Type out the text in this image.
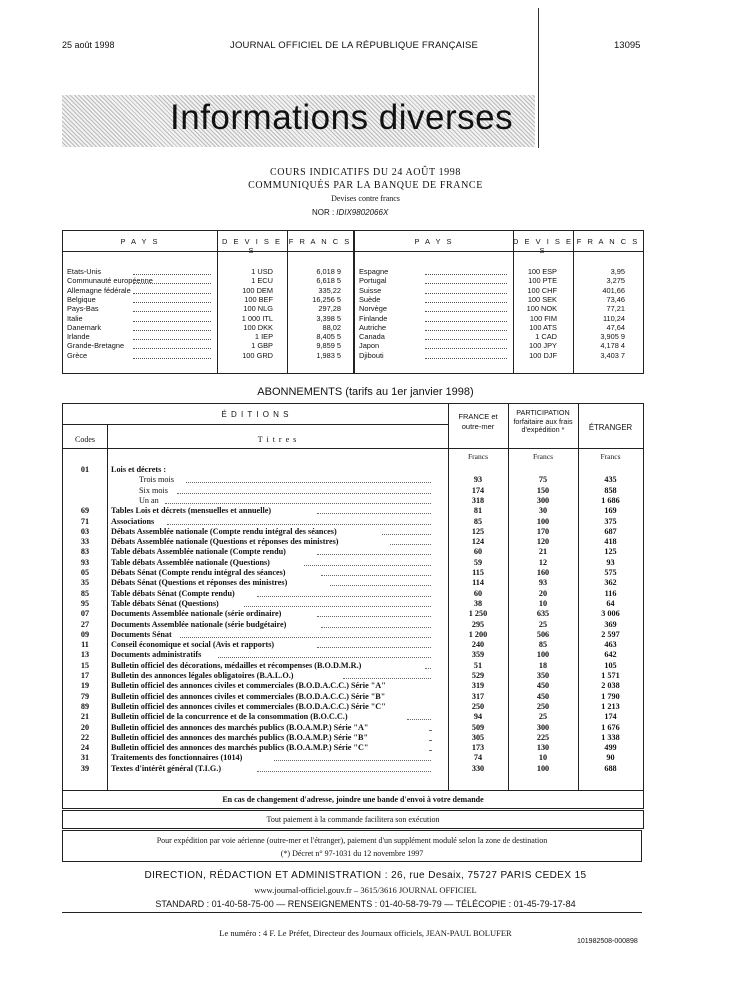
25 août 1998	JOURNAL OFFICIEL DE LA RÉPUBLIQUE FRANÇAISE	13095
Informations diverses
COURS INDICATIFS DU 24 AOÛT 1998
COMMUNIQUÉS PAR LA BANQUE DE FRANCE
Devises contre francs
NOR : IDIX9802066X
P A Y S	D E V I S E S
F R A N C S	P A Y S	D E V I S E S
F R A N C S
Etats-Unis	1 USD	6,018 9
Communauté européenne	1 ECU	6,618 5
Allemagne fédérale	100 DEM	335,22
Belgique	100 BEF	16,256 5
Pays-Bas	100 NLG	297,28
Italie	1 000 ITL	3,398 5
Danemark	100 DKK	88,02
Irlande	1 IEP	8,405 5
Grande-Bretagne	1 GBP	9,859 5
Grèce	100 GRD	1,983 5
Espagne	100 ESP	3,95
Portugal	100 PTE	3,275
Suisse	100 CHF	401,66
Suède	100 SEK	73,46
Norvège	100 NOK	77,21
Finlande	100 FIM	110,24
Autriche	100 ATS	47,64
Canada	1 CAD	3,905 9
Japon	100 JPY	4,178 4
Djibouti	100 DJF	3,403 7
ABONNEMENTS (tarifs au 1er janvier 1998)
É D I T I O N S
Codes	T i t r e s
FRANCE et outre-mer
PARTICIPATION forfaitaire aux frais d'expédition *	ÉTRANGER
Francs	Francs	Francs
01	Lois et décrets :
Trois mois	93	75	435
Six mois	174	150	858
Un an	318	300	1 686
69	Tables Lois et décrets (mensuelles et annuelle)	81	30	169
71	Associations	85	100	375
03	Débats Assemblée nationale (Compte rendu intégral des séances)	125	170	687
33	Débats Assemblée nationale (Questions et réponses des ministres)	124	120	418
83	Table débats Assemblée nationale (Compte rendu)	60	21	125
93	Table débats Assemblée nationale (Questions)	59	12	93
05	Débats Sénat (Compte rendu intégral des séances)	115	160	575
35	Débats Sénat (Questions et réponses des ministres)	114	93	362
85	Table débats Sénat (Compte rendu)	60	20	116
95	Table débats Sénat (Questions)	38	10	64
07	Documents Assemblée nationale (série ordinaire)	1 250	635	3 006
27	Documents Assemblée nationale (série budgétaire)	295	25	369
09	Documents Sénat	1 200	506	2 597
11	Conseil économique et social (Avis et rapports)	240	85	463
13	Documents administratifs	359	100	642
15	Bulletin officiel des décorations, médailles et récompenses (B.O.D.M.R.)	51	18	105
17	Bulletin des annonces légales obligatoires (B.A.L.O.)	529	350	1 571
19	Bulletin officiel des annonces civiles et commerciales (B.O.D.A.C.C.) Série "A"	319	450	2 038
79	Bulletin officiel des annonces civiles et commerciales (B.O.D.A.C.C.) Série "B"	317	450	1 790
89	Bulletin officiel des annonces civiles et commerciales (B.O.D.A.C.C.) Série "C"	250	250	1 213
21	Bulletin officiel de la concurrence et de la consommation (B.O.C.C.)	94	25	174
20	Bulletin officiel des annonces des marchés publics (B.O.A.M.P.) Série "A"	509	300	1 676
22	Bulletin officiel des annonces des marchés publics (B.O.A.M.P.) Série "B"	305	225	1 338
24	Bulletin officiel des annonces des marchés publics (B.O.A.M.P.) Série "C"	173	130	499
31	Traitements des fonctionnaires (1014)	74	10	90
39	Textes d'intérêt général (T.I.G.)	330	100	688
En cas de changement d'adresse, joindre une bande d'envoi à votre demande
Tout paiement à la commande facilitera son exécution
Pour expédition par voie aérienne (outre-mer et l'étranger), paiement d'un supplément modulé selon la zone de destination
(*) Décret n° 97-1031 du 12 novembre 1997
DIRECTION, RÉDACTION ET ADMINISTRATION : 26, rue Desaix, 75727 PARIS CEDEX 15
www.journal-officiel.gouv.fr – 3615/3616 JOURNAL OFFICIEL
STANDARD : 01-40-58-75-00 — RENSEIGNEMENTS : 01-40-58-79-79 — TÉLÉCOPIE : 01-45-79-17-84
Le numéro : 4 F. Le Préfet, Directeur des Journaux officiels, JEAN-PAUL BOLUFER
101982508-000898
